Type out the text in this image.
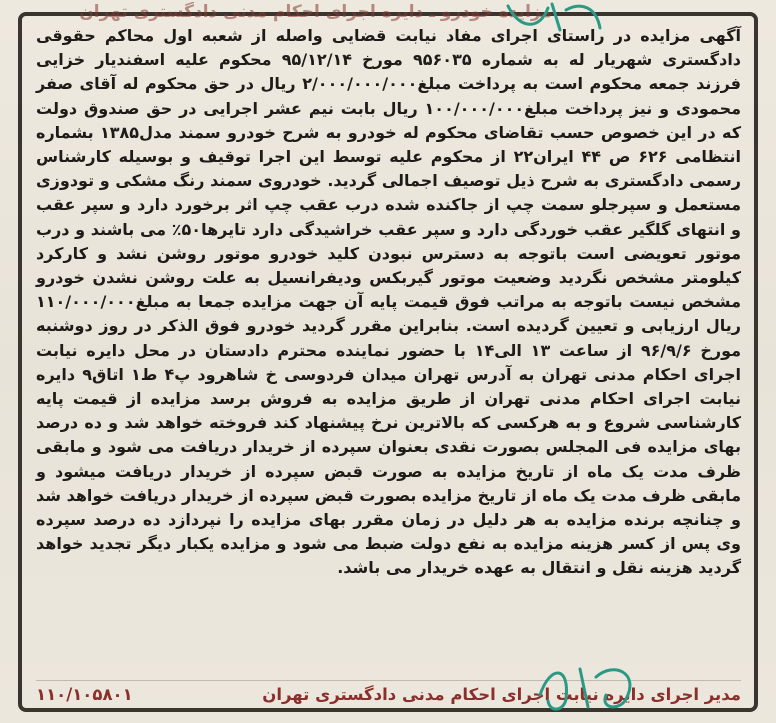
مزایده خودرو ـ دایره اجرای احکام مدنی دادگستری تهران
آگهی مزایده در راستای اجرای مفاد نیابت قضایی واصله از شعبه اول محاکم حقوقی دادگستری شهریار له به شماره ۹۵۶۰۳۵ مورخ ۹۵/۱۲/۱۴ محکوم علیه اسفندیار خزایی فرزند جمعه محکوم است به پرداخت مبلغ۲/۰۰۰/۰۰۰/۰۰۰ ریال در حق محکوم له آقای صفر محمودی و نیز پرداخت مبلغ۱۰۰/۰۰۰/۰۰۰ ریال بابت نیم عشر اجرایی در حق صندوق دولت که در این خصوص حسب تقاضای محکوم له خودرو به شرح خودرو سمند مدل۱۳۸۵ بشماره انتظامی ۶۲۶ ص ۴۴ ایران۲۲ از محکوم علیه توسط این اجرا توقیف و بوسیله کارشناس رسمی دادگستری به شرح ذیل توصیف اجمالی گردید. خودروی سمند رنگ مشکی و تودوزی مستعمل و سپرجلو سمت چپ از جاکنده شده درب عقب چپ اثر برخورد دارد و سپر عقب و انتهای گلگیر عقب خوردگی دارد و سپر عقب خراشیدگی دارد تایرها۵۰٪ می باشند و درب موتور تعویضی است باتوجه به دسترس نبودن کلید خودرو موتور روشن نشد و کارکرد کیلومتر مشخص نگردید وضعیت موتور گیربکس ودیفرانسیل به علت روشن نشدن خودرو مشخص نیست باتوجه به مراتب فوق قیمت پایه آن جهت مزایده جمعا به مبلغ۱۱۰/۰۰۰/۰۰۰ ریال ارزیابی و تعیین گردیده است. بنابراین مقرر گردید خودرو فوق الذکر در روز دوشنبه مورخ ۹۶/۹/۶ از ساعت ۱۳ الی۱۴ با حضور نماینده محترم دادستان در محل دایره نیابت اجرای احکام مدنی تهران به آدرس تهران میدان فردوسی خ شاهرود پ۴ ط۱ اتاق۹ دایره نیابت اجرای احکام مدنی تهران از طریق مزایده به فروش برسد مزایده از قیمت پایه کارشناسی شروع و به هرکسی که بالاترین نرخ پیشنهاد کند فروخته خواهد شد و ده درصد بهای مزایده فی المجلس بصورت نقدی بعنوان سپرده از خریدار دریافت می شود و مابقی ظرف مدت یک ماه از تاریخ مزایده به صورت قبض سپرده از خریدار دریافت میشود و مابقی ظرف مدت یک ماه از تاریخ مزایده بصورت قبض سپرده از خریدار دریافت خواهد شد و چنانچه برنده مزایده به هر دلیل در زمان مقرر بهای مزایده را نپردازد ده درصد سپرده وی پس از کسر هزینه مزایده به نفع دولت ضبط می شود و مزایده یکبار دیگر تجدید خواهد گردید هزینه نقل و انتقال به عهده خریدار می باشد.
مدیر اجرای دایره نیابت اجرای احکام مدنی دادگستری تهران
۱۱۰/۱۰۵۸۰۱
